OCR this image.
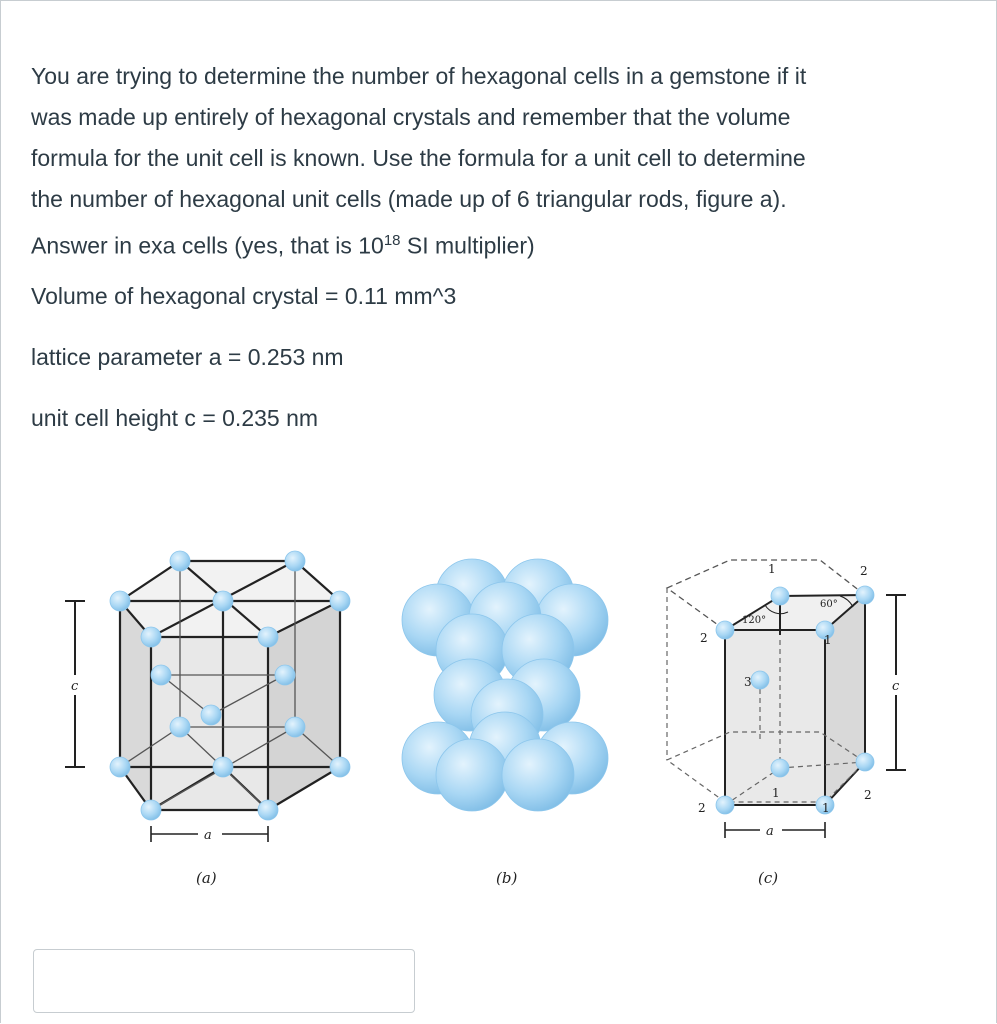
You are trying to determine the number of hexagonal cells in a gemstone if it

was made up entirely of hexagonal crystals and remember that the volume

formula for the unit cell is known. Use the formula for a unit cell to determine

the number of hexagonal unit cells (made up of 6 triangular rods, figure a).

Answer in exa cells (yes, that is $10^{18}$ SI multiplier)

Volume of hexagonal crystal = 0.11 mm^3
lattice parameter a = 0.253 nm
unit cell height c = 0.235 nm
c
a
(a)	(b)
120°
60°
1	2
2	1
3
1	2
2	1
c
a
(c)
